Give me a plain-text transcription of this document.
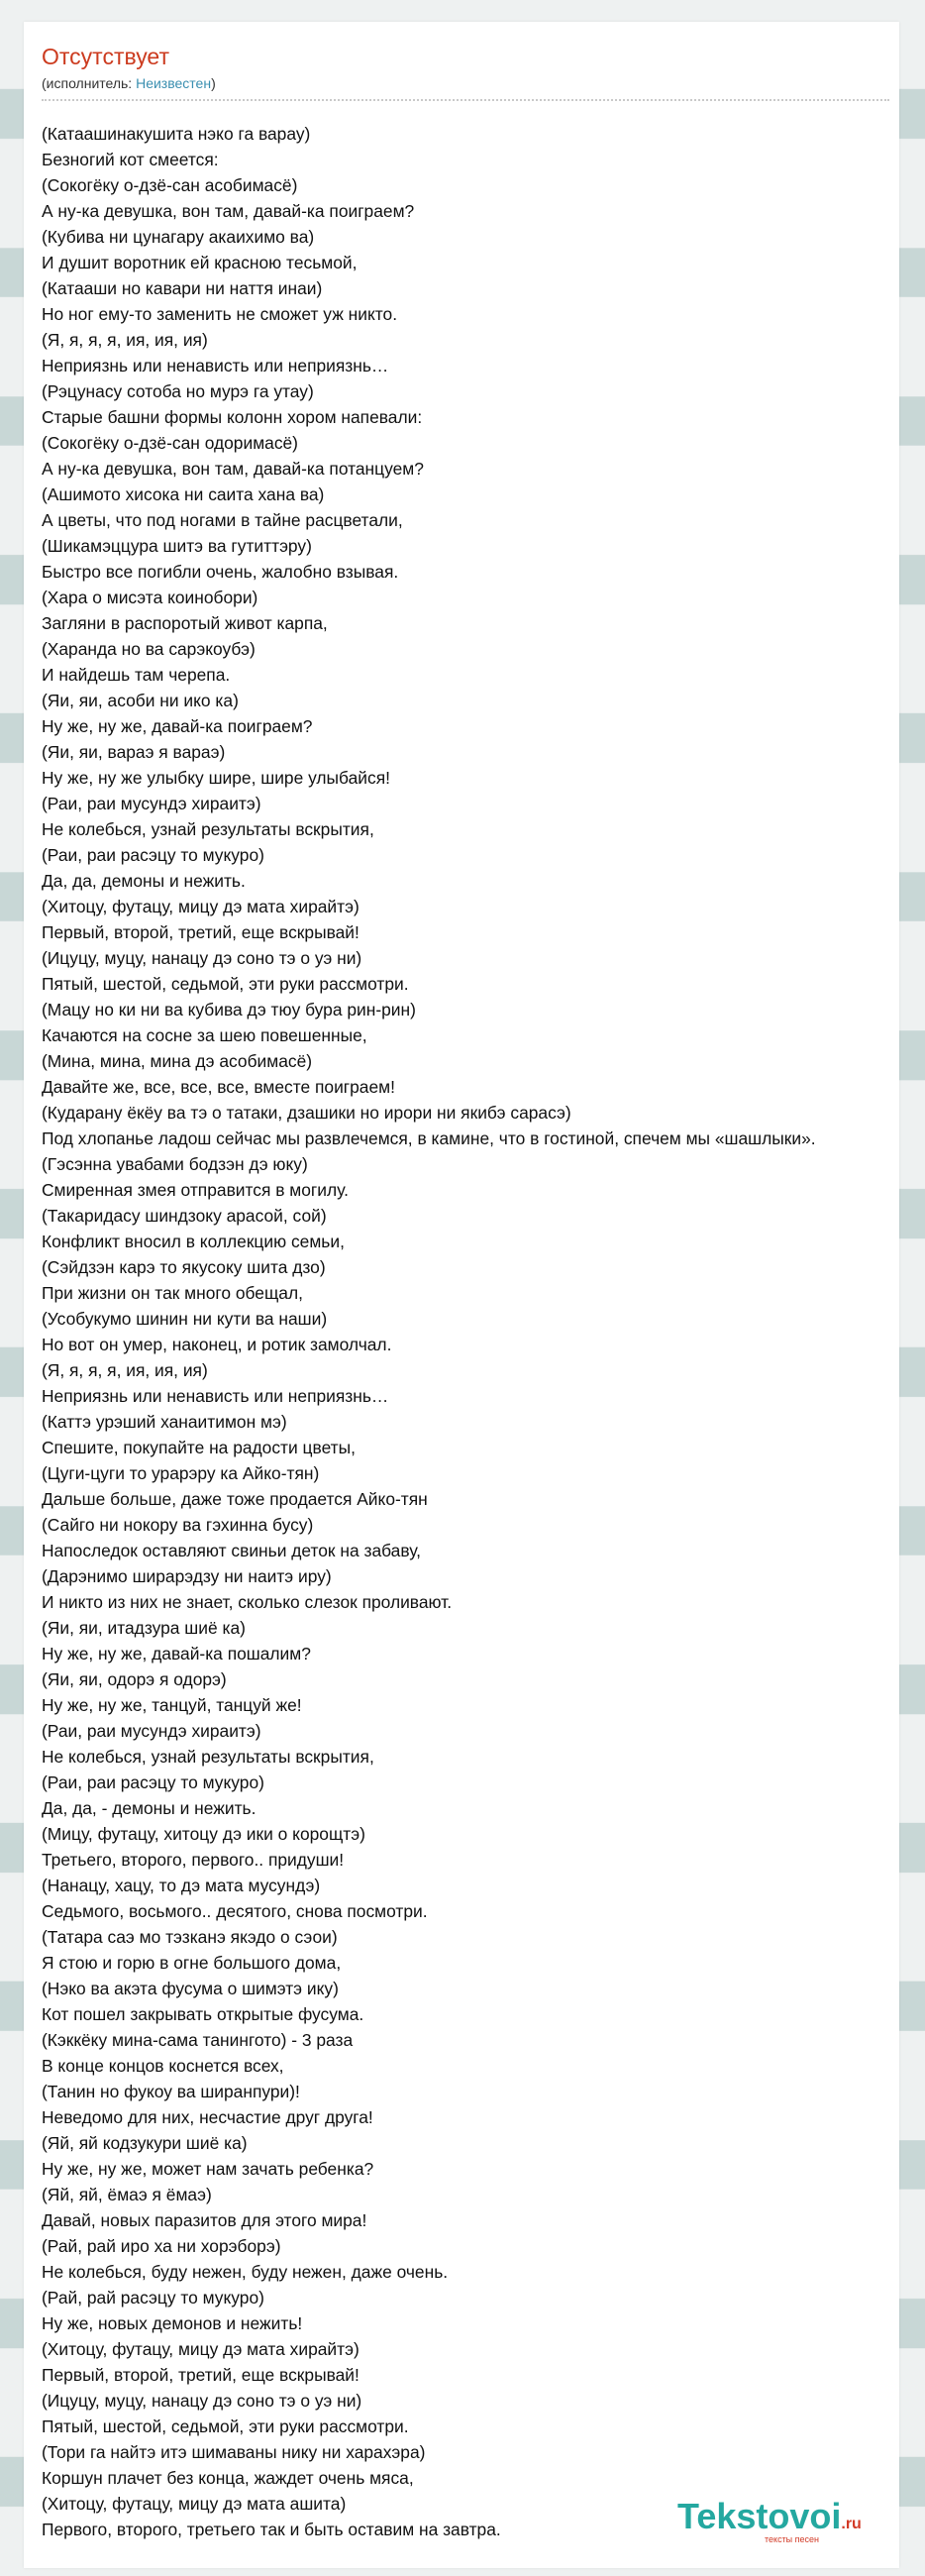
Отсутствует
(исполнитель: Неизвестен)
(Катаашинакушита нэко га варау)
Безногий кот смеется:
(Сокогёку о-дзё-сан асобимасё)
А ну-ка девушка, вон там, давай-ка поиграем?
(Кубива ни цунагару акаихимо ва)
И душит воротник ей красною тесьмой,
(Катааши но кавари ни наття инаи)
Но ног ему-то заменить не сможет уж никто.
(Я, я, я, я, ия, ия, ия)
Неприязнь или ненависть или неприязнь…
(Рэцунасу сотоба но мурэ га утау)
Старые башни формы колонн хором напевали:
(Сокогёку о-дзё-сан одоримасё)
А ну-ка девушка, вон там, давай-ка потанцуем?
(Ашимото хисока ни саита хана ва)
А цветы, что под ногами в тайне расцветали,
(Шикамэццура шитэ ва гутиттэру)
Быстро все погибли очень, жалобно взывая.
(Хара о мисэта коинобори)
Загляни в распоротый живот карпа,
(Харанда но ва сарэкоубэ)
И найдешь там черепа.
(Яи, яи, асоби ни ико ка)
Ну же, ну же, давай-ка поиграем?
(Яи, яи, вараэ я вараэ)
Ну же, ну же улыбку шире, шире улыбайся!
(Раи, раи мусундэ хираитэ)
Не колебься, узнай результаты вскрытия,
(Раи, раи расэцу то мукуро)
Да, да, демоны и нежить.
(Хитоцу, футацу, мицу дэ мата хирайтэ)
Первый, второй, третий, еще вскрывай!
(Ицуцу, муцу, нанацу дэ соно тэ о уэ ни)
Пятый, шестой, седьмой, эти руки рассмотри.
(Мацу но ки ни ва кубива дэ тюу бура рин-рин)
Качаются на сосне за шею повешенные,
(Мина, мина, мина дэ асобимасё)
Давайте же, все, все, все, вместе поиграем!
(Кударану ёкёу ва тэ о татаки, дзашики но ирори ни якибэ сарасэ)
Под хлопанье ладош сейчас мы развлечемся, в камине, что в гостиной, спечем мы «шашлыки».
(Гэсэнна увабами бодзэн дэ юку)
Смиренная змея отправится в могилу.
(Такаридасу шиндзоку арасой, сой)
Конфликт вносил в коллекцию семьи,
(Сэйдзэн карэ то якусоку шита дзо)
При жизни он так много обещал,
(Усобукумо шинин ни кути ва наши)
Но вот он умер, наконец, и ротик замолчал.
(Я, я, я, я, ия, ия, ия)
Неприязнь или ненависть или неприязнь…
(Каттэ урэший ханаитимон мэ)
Спешите, покупайте на радости цветы,
(Цуги-цуги то урарэру ка Айко-тян)
Дальше больше, даже тоже продается Айко-тян
(Сайго ни нокору ва гэхинна бусу)
Напоследок оставляют свиньи деток на забаву,
(Дарэнимо ширарэдзу ни наитэ иру)
И никто из них не знает, сколько слезок проливают.
(Яи, яи, итадзура шиё ка)
Ну же, ну же, давай-ка пошалим?
(Яи, яи, одорэ я одорэ)
Ну же, ну же, танцуй, танцуй же!
(Раи, раи мусундэ хираитэ)
Не колебься, узнай результаты вскрытия,
(Раи, раи расэцу то мукуро)
Да, да, - демоны и нежить.
(Мицу, футацу, хитоцу дэ ики о корощтэ)
Третьего, второго, первого.. придуши!
(Нанацу, хацу, то дэ мата мусундэ)
Седьмого, восьмого.. десятого, снова посмотри.
(Татара саэ мо тэзканэ якэдо о сэои)
Я стою и горю в огне большого дома,
(Нэко ва акэта фусума о шимэтэ ику)
Кот пошел закрывать открытые фусума.
(Кэккёку мина-сама танингото) - 3 раза
В конце концов коснется всех,
(Танин но фукоу ва ширанпури)!
Неведомо для них, несчастие друг друга!
(Яй, яй кодзукури шиё ка)
Ну же, ну же, может нам зачать ребенка?
(Яй, яй, ёмаэ я ёмаэ)
Давай, новых паразитов для этого мира!
(Рай, рай иро ха ни хорэборэ)
Не колебься, буду нежен, буду нежен, даже очень.
(Рай, рай расэцу то мукуро)
Ну же, новых демонов и нежить!
(Хитоцу, футацу, мицу дэ мата хирайтэ)
Первый, второй, третий, еще вскрывай!
(Ицуцу, муцу, нанацу дэ соно тэ о уэ ни)
Пятый, шестой, седьмой, эти руки рассмотри.
(Тори га найтэ итэ шимаваны нику ни харахэра)
Коршун плачет без конца, жаждет очень мяса,
(Хитоцу, футацу, мицу дэ мата ашита)
Первого, второго, третьего так и быть оставим на завтра.	Tekstovoi.ru
тексты песен
